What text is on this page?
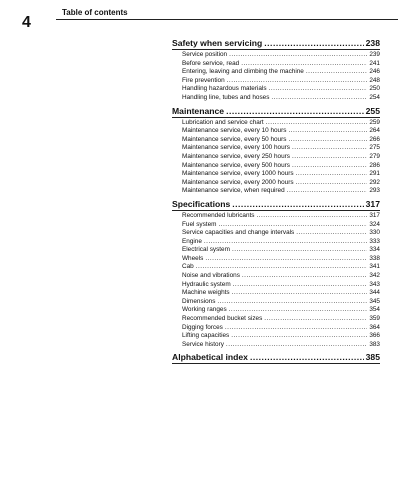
4
Table of contents
Safety when servicing .....	238
Service position .....	239
Before service, read .....	241
Entering, leaving and climbing the machine .....	246
Fire prevention .....	248
Handling hazardous materials .....	250
Handling line, tubes and hoses .....	254
Maintenance .....	255
Lubrication and service chart .....	259
Maintenance service, every 10 hours .....	264
Maintenance service, every 50 hours .....	266
Maintenance service, every 100 hours .....	275
Maintenance service, every 250 hours .....	279
Maintenance service, every 500 hours .....	286
Maintenance service, every 1000 hours .....	291
Maintenance service, every 2000 hours .....	292
Maintenance service, when required .....	293
Specifications .....	317
Recommended lubricants .....	317
Fuel system .....	324
Service capacities and change intervals .....	330
Engine .....	333
Electrical system .....	334
Wheels .....	338
Cab .....	341
Noise and vibrations .....	342
Hydraulic system .....	343
Machine weights .....	344
Dimensions .....	345
Working ranges .....	354
Recommended bucket sizes .....	359
Digging forces .....	364
Lifting capacities .....	366
Service history .....	383
Alphabetical index .....	385
